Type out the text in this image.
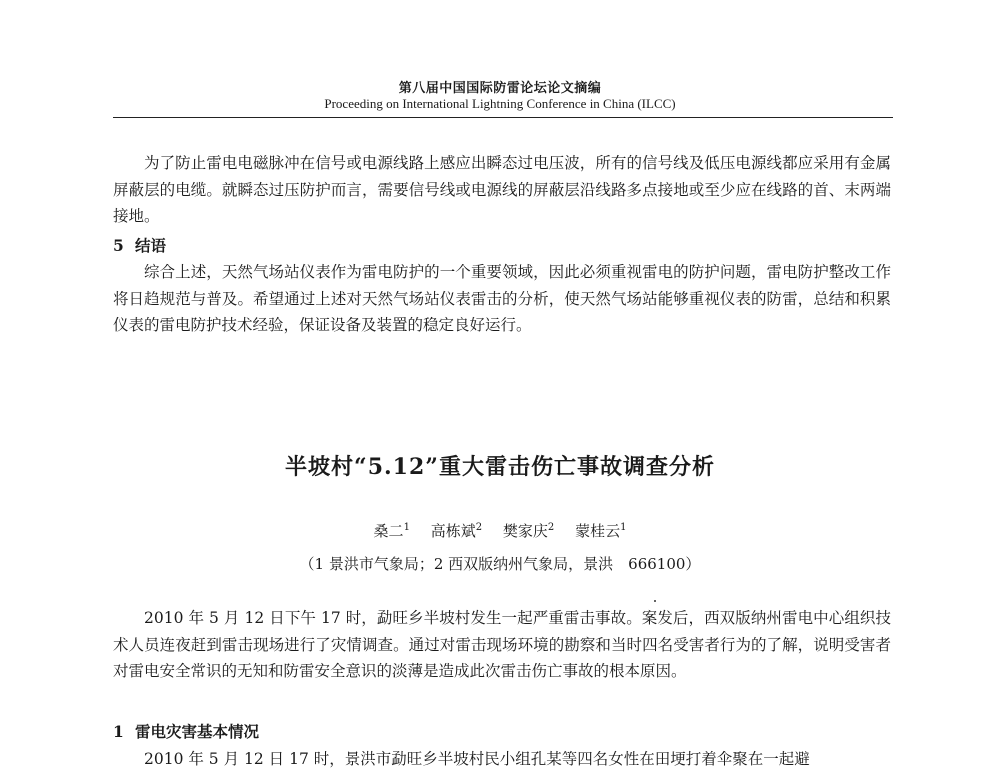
第八届中国国际防雷论坛论文摘编
Proceeding on International Lightning Conference in China (ILCC)

为了防止雷电电磁脉冲在信号或电源线路上感应出瞬态过电压波，所有的信号线及低压电源线都应采用有金属屏蔽层的电缆。就瞬态过压防护而言，需要信号线或电源线的屏蔽层沿线路多点接地或至少应在线路的首、末两端接地。

5 结语

综合上述，天然气场站仪表作为雷电防护的一个重要领域，因此必须重视雷电的防护问题，雷电防护整改工作将日趋规范与普及。希望通过上述对天然气场站仪表雷击的分析，使天然气场站能够重视仪表的防雷，总结和积累仪表的雷电防护技术经验，保证设备及装置的稳定良好运行。

半坡村“5.12”重大雷击伤亡事故调查分析
桑二$^1$ 高栋斌$^2$ 樊家庆$^2$ 蒙桂云$^1$
（1 景洪市气象局；2 西双版纳州气象局，景洪　666100）

2010 年 5 月 12 日下午 17 时，勐旺乡半坡村发生一起严重雷击事故。案发后，西双版纳州雷电中心组织技术人员连夜赶到雷击现场进行了灾情调查。通过对雷击现场环境的勘察和当时四名受害者行为的了解，说明受害者对雷电安全常识的无知和防雷安全意识的淡薄是造成此次雷击伤亡事故的根本原因。

1 雷电灾害基本情况
2010 年 5 月 12 日 17 时，景洪市勐旺乡半坡村民小组孔某等四名女性在田埂打着伞聚在一起避
